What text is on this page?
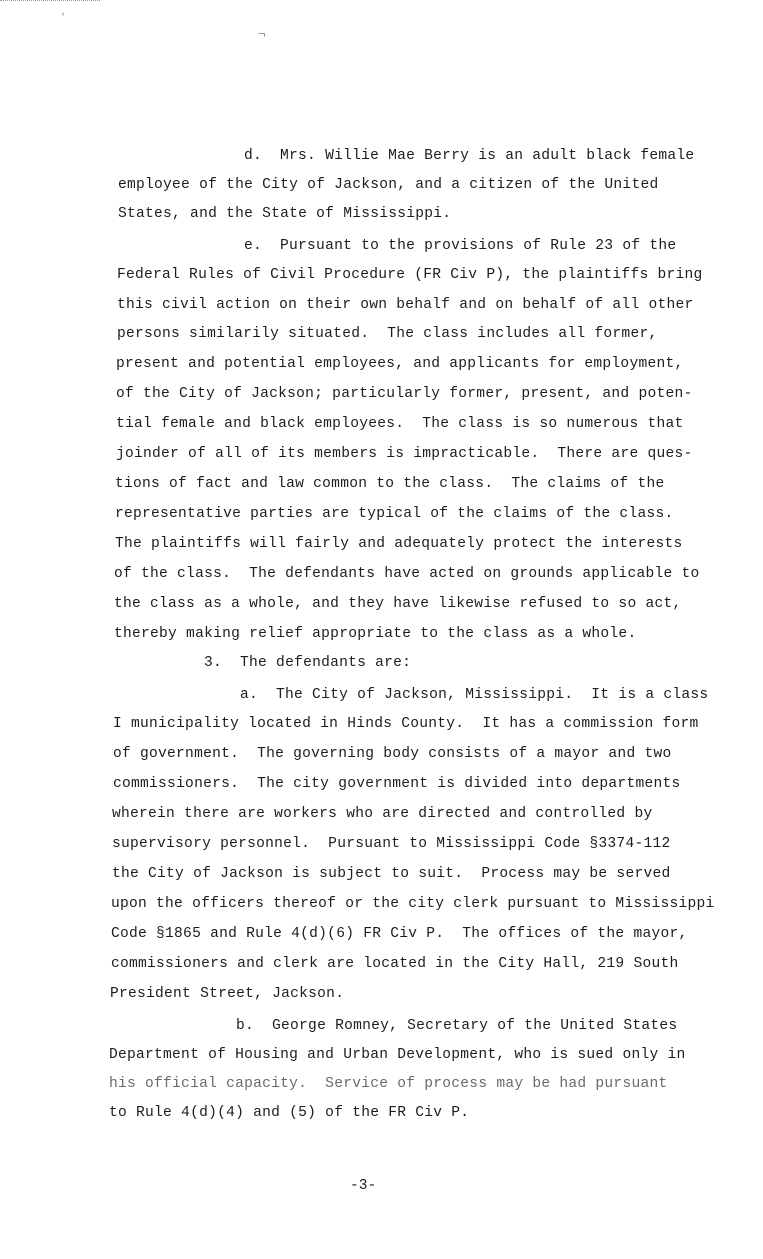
'
¬
d.  Mrs. Willie Mae Berry is an adult black female
employee of the City of Jackson, and a citizen of the United
States, and the State of Mississippi.
e.  Pursuant to the provisions of Rule 23 of the
Federal Rules of Civil Procedure (FR Civ P), the plaintiffs bring
this civil action on their own behalf and on behalf of all other
persons similarily situated.  The class includes all former,
present and potential employees, and applicants for employment,
of the City of Jackson; particularly former, present, and poten-
tial female and black employees.  The class is so numerous that
joinder of all of its members is impracticable.  There are ques-
tions of fact and law common to the class.  The claims of the
representative parties are typical of the claims of the class.
The plaintiffs will fairly and adequately protect the interests
of the class.  The defendants have acted on grounds applicable to
the class as a whole, and they have likewise refused to so act,
thereby making relief appropriate to the class as a whole.
3.  The defendants are:
a.  The City of Jackson, Mississippi.  It is a class
I municipality located in Hinds County.  It has a commission form
of government.  The governing body consists of a mayor and two
commissioners.  The city government is divided into departments
wherein there are workers who are directed and controlled by
supervisory personnel.  Pursuant to Mississippi Code §3374-112
the City of Jackson is subject to suit.  Process may be served
upon the officers thereof or the city clerk pursuant to Mississippi
Code §1865 and Rule 4(d)(6) FR Civ P.  The offices of the mayor,
commissioners and clerk are located in the City Hall, 219 South
President Street, Jackson.
b.  George Romney, Secretary of the United States
Department of Housing and Urban Development, who is sued only in
his official capacity.  Service of process may be had pursuant
to Rule 4(d)(4) and (5) of the FR Civ P.
-3-
